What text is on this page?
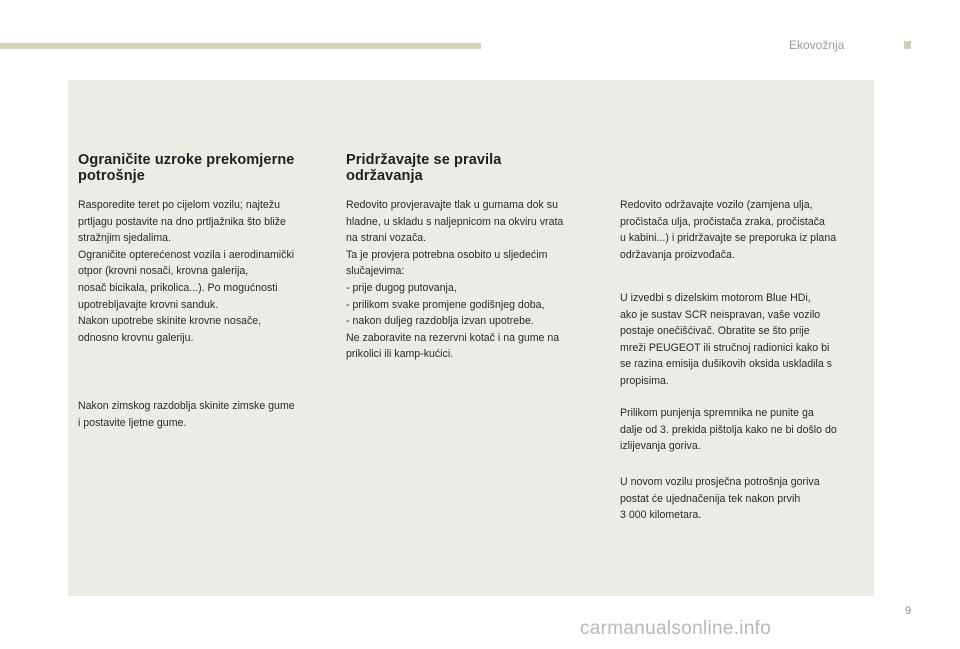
Ekovožnja
Ograničite uzroke prekomjerne
potrošnje

Rasporedite teret po cijelom vozilu; najtežu
prtljagu postavite na dno prtljažnika što bliže
stražnjim sjedalima.
Ograničite opterećenost vozila i aerodinamički
otpor (krovni nosači, krovna galerija,
nosač bicikala, prikolica...). Po mogućnosti
upotrebljavajte krovni sanduk.
Nakon upotrebe skinite krovne nosače,
odnosno krovnu galeriju.

Nakon zimskog razdoblja skinite zimske gume
i postavite ljetne gume.

Pridržavajte se pravila
održavanja

Redovito provjeravajte tlak u gumama dok su
hladne, u skladu s naljepnicom na okviru vrata
na strani vozača.
Ta je provjera potrebna osobito u sljedećim
slučajevima:
- prije dugog putovanja,
- prilikom svake promjene godišnjeg doba,
- nakon duljeg razdoblja izvan upotrebe.
Ne zaboravite na rezervni kotač i na gume na
prikolici ili kamp-kućici.

Redovito održavajte vozilo (zamjena ulja,
pročistača ulja, pročistača zraka, pročistača
u kabini...) i pridržavajte se preporuka iz plana
održavanja proizvođača.

U izvedbi s dizelskim motorom Blue HDi,
ako je sustav SCR neispravan, vaše vozilo
postaje onečišćivač. Obratite se što prije
mreži PEUGEOT ili stručnoj radionici kako bi
se razina emisija dušikovih oksida uskladila s
propisima.

Prilikom punjenja spremnika ne punite ga
dalje od 3. prekida pištolja kako ne bi došlo do
izlijevanja goriva.

U novom vozilu prosječna potrošnja goriva
postat će ujednačenija tek nakon prvih
3 000 kilometara.

9
carmanualsonline.info
